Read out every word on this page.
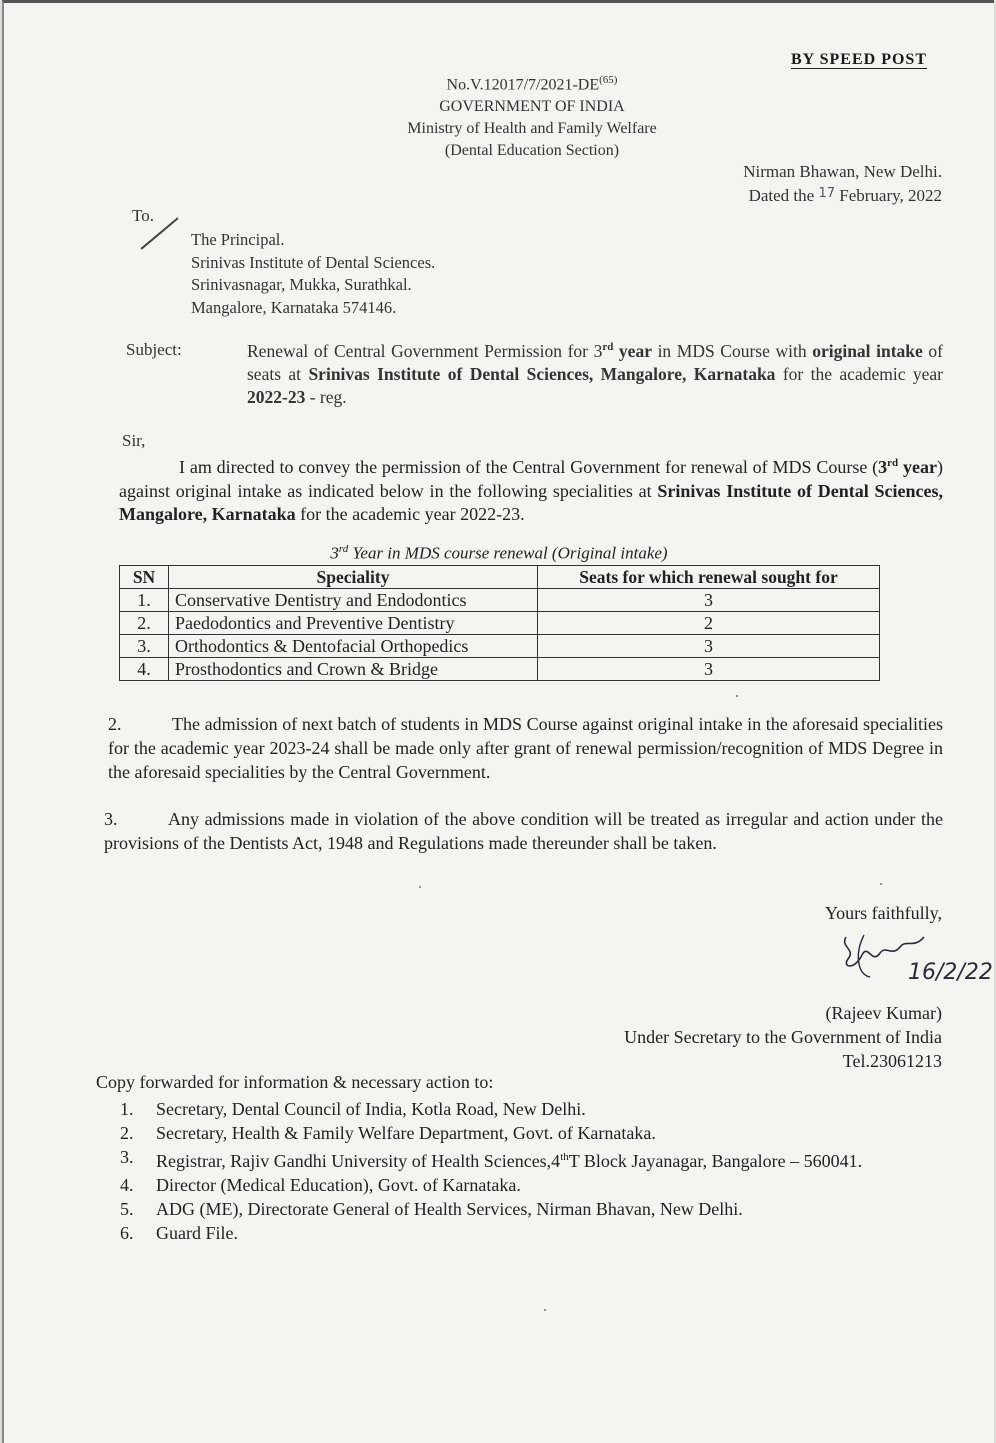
BY SPEED POST
No.V.12017/7/2021-DE$^{(65)}$
GOVERNMENT OF INDIA
Ministry of Health and Family Welfare
(Dental Education Section)
Nirman Bhawan, New Delhi.
Dated the $^{17}$ February, 2022
To.
The Principal.
Srinivas Institute of Dental Sciences.
Srinivasnagar, Mukka, Surathkal.
Mangalore, Karnataka 574146.
Subject:	Renewal of Central Government Permission for 3rd year in MDS Course with original intake of seats at Srinivas Institute of Dental Sciences, Mangalore, Karnataka for the academic year 2022-23 - reg.
Sir,
I am directed to convey the permission of the Central Government for renewal of MDS Course (3rd year) against original intake as indicated below in the following specialities at Srinivas Institute of Dental Sciences, Mangalore, Karnataka for the academic year 2022-23.
3rd Year in MDS course renewal (Original intake)
SN	Speciality	Seats for which renewal sought for
1.	Conservative Dentistry and Endodontics	3
2.	Paedodontics and Preventive Dentistry	2
3.	Orthodontics & Dentofacial Orthopedics	3
4.	Prosthodontics and Crown & Bridge	3
2.	The admission of next batch of students in MDS Course against original intake in the aforesaid specialities for the academic year 2023-24 shall be made only after grant of renewal permission/recognition of MDS Degree in the aforesaid specialities by the Central Government.
3.	Any admissions made in violation of the above condition will be treated as irregular and action under the provisions of the Dentists Act, 1948 and Regulations made thereunder shall be taken.
Yours faithfully,
16/2/22
(Rajeev Kumar)
Under Secretary to the Government of India
Tel.23061213
Copy forwarded for information & necessary action to:
1.	Secretary, Dental Council of India, Kotla Road, New Delhi.
2.	Secretary, Health & Family Welfare Department, Govt. of Karnataka.
3.	Registrar, Rajiv Gandhi University of Health Sciences,4thT Block Jayanagar, Bangalore – 560041.
4.	Director (Medical Education), Govt. of Karnataka.
5.	ADG (ME), Directorate General of Health Services, Nirman Bhavan, New Delhi.
6.	Guard File.
